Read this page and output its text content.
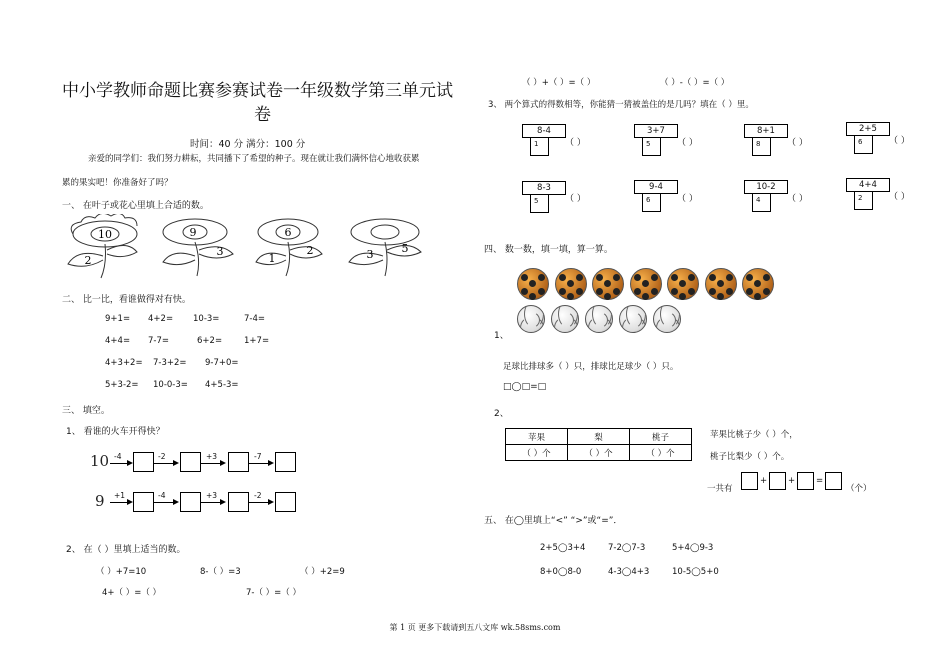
中小学教师命题比赛参赛试卷一年级数学第三单元试
卷
时间：40 分 满分：100 分
亲爱的同学们：我们努力耕耘，共同播下了希望的种子。现在就让我们满怀信心地收获累
累的果实吧！你准备好了吗？
一、 在叶子或花心里填上合适的数。
10
2
9
3
6
1
2	3	5
二、 比一比，看谁做得对有快。
9+1= 4+2= 10-3=	7-4=
4+4= 7-7=	6+2=	1+7=
4+3+2= 7-3+2= 9-7+0=
5+3-2= 10-0-3= 4+5-3=
三、 填空。
1、 看谁的火车开得快？
10 -4	-2	+3	-7
9 +1	-4	+3	-2
2、 在（ ）里填上适当的数。
（ ）+7=10	8-（ ）=3	（ ）+2=9
4+（ ）=（ ）	7-（ ）=（ ）
（ ）+（ ）=（ ）	（ ）-（ ）=（ ）
3、 两个算式的得数相等，你能猜一猜被盖住的是几吗？填在（ ）里。
8-4
1	（ ）
3+7
5	（ ）
8+1
8	（ ）
2+5
6	（ ）
8-3
5	（ ）
9-4
6	（ ）
10-2
4	（ ）
4+4
2	（ ）
四、 数一数，填一填，算一算。
1、
足球比排球多（ ）只，排球比足球少（ ）只。
□◯□=□
2、
苹果	梨	桃子
（ ）个	（ ）个	（ ）个
苹果比桃子少（ ）个，
桃子比梨少（ ）个。
一共有
+ + =
（个）
五、 在◯里填上“<” “>”或“=”．
2+5◯3+4	7-2◯7-3	5+4◯9-3
8+0◯8-0	4-3◯4+3	10-5◯5+0
第 1 页 更多下载请到五八文库 wk.58sms.com
